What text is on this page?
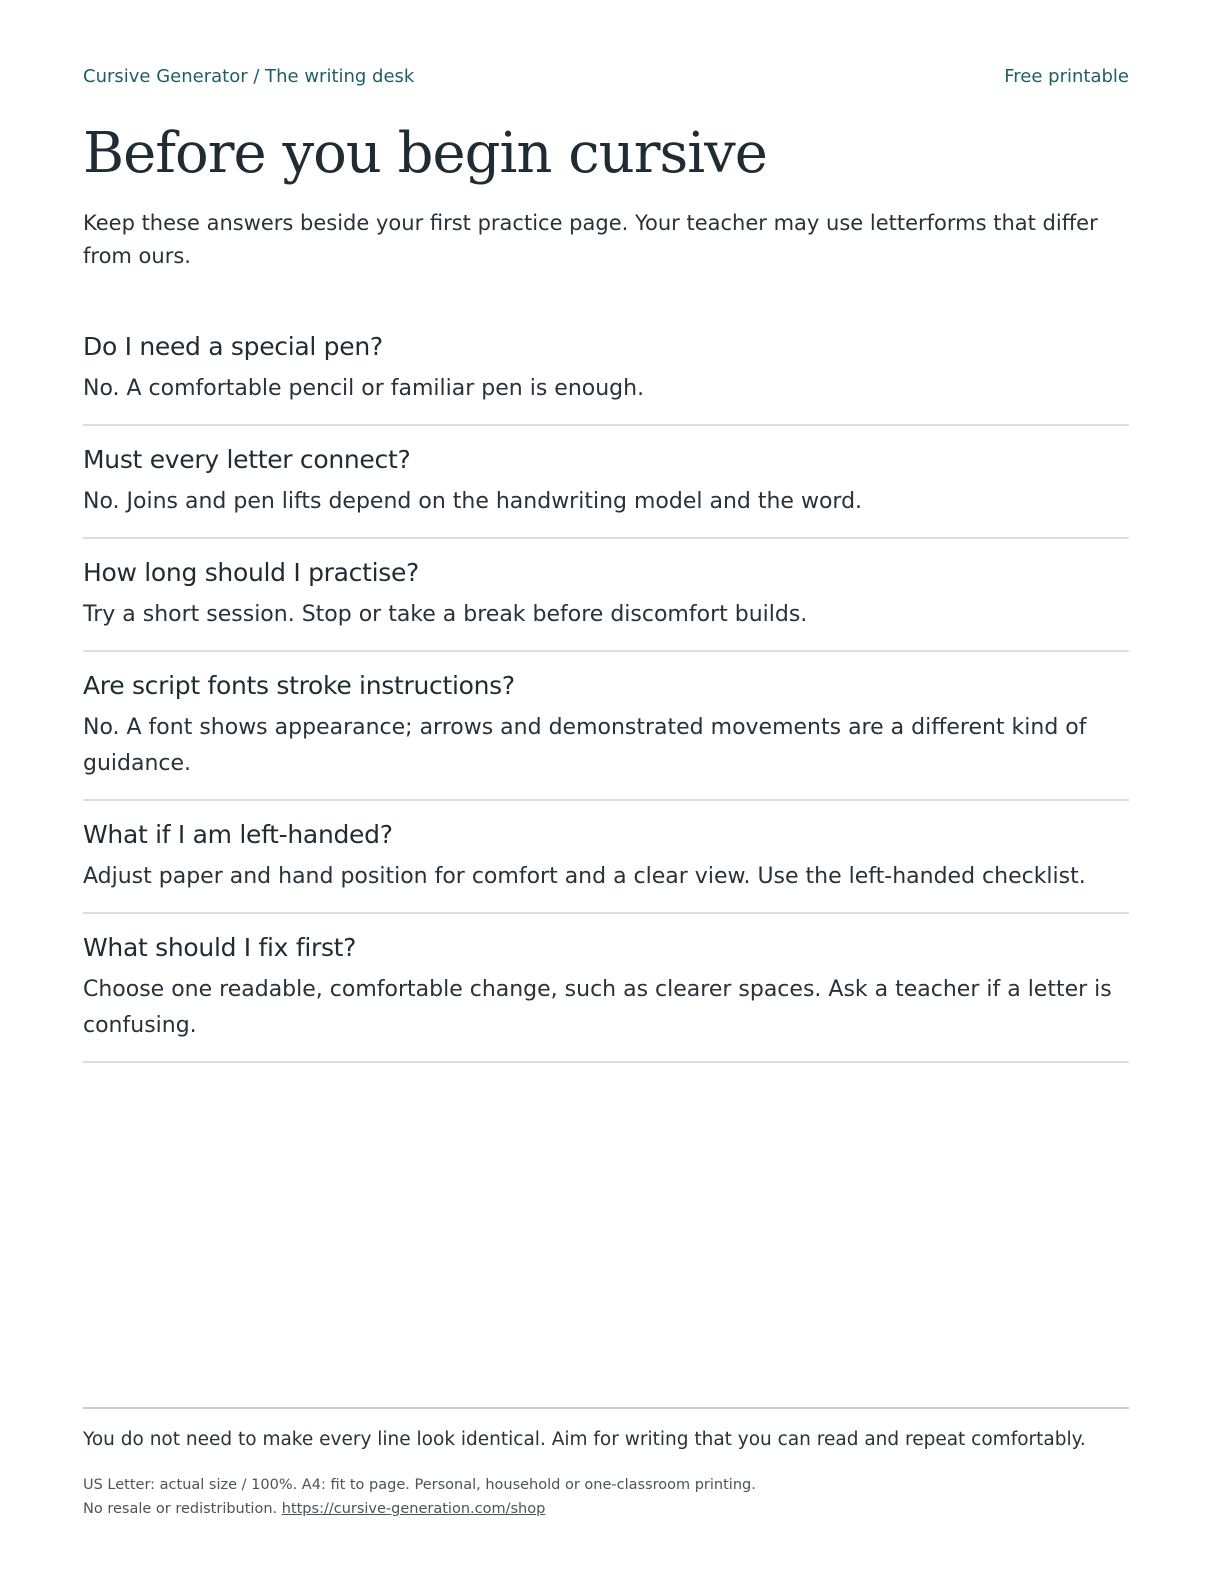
Cursive Generator / The writing desk	Free printable
Before you begin cursive

Keep these answers beside your first practice page. Your teacher may use letterforms that differ from ours.

Do I need a special pen?

No. A comfortable pencil or familiar pen is enough.

Must every letter connect?

No. Joins and pen lifts depend on the handwriting model and the word.

How long should I practise?

Try a short session. Stop or take a break before discomfort builds.

Are script fonts stroke instructions?

No. A font shows appearance; arrows and demonstrated movements are a different kind of guidance.

What if I am left-handed?

Adjust paper and hand position for comfort and a clear view. Use the left-handed checklist.

What should I fix first?

Choose one readable, comfortable change, such as clearer spaces. Ask a teacher if a letter is confusing.

You do not need to make every line look identical. Aim for writing that you can read and repeat comfortably.

US Letter: actual size / 100%. A4: fit to page. Personal, household or one-classroom printing.
No resale or redistribution. https://cursive-generation.com/shop
